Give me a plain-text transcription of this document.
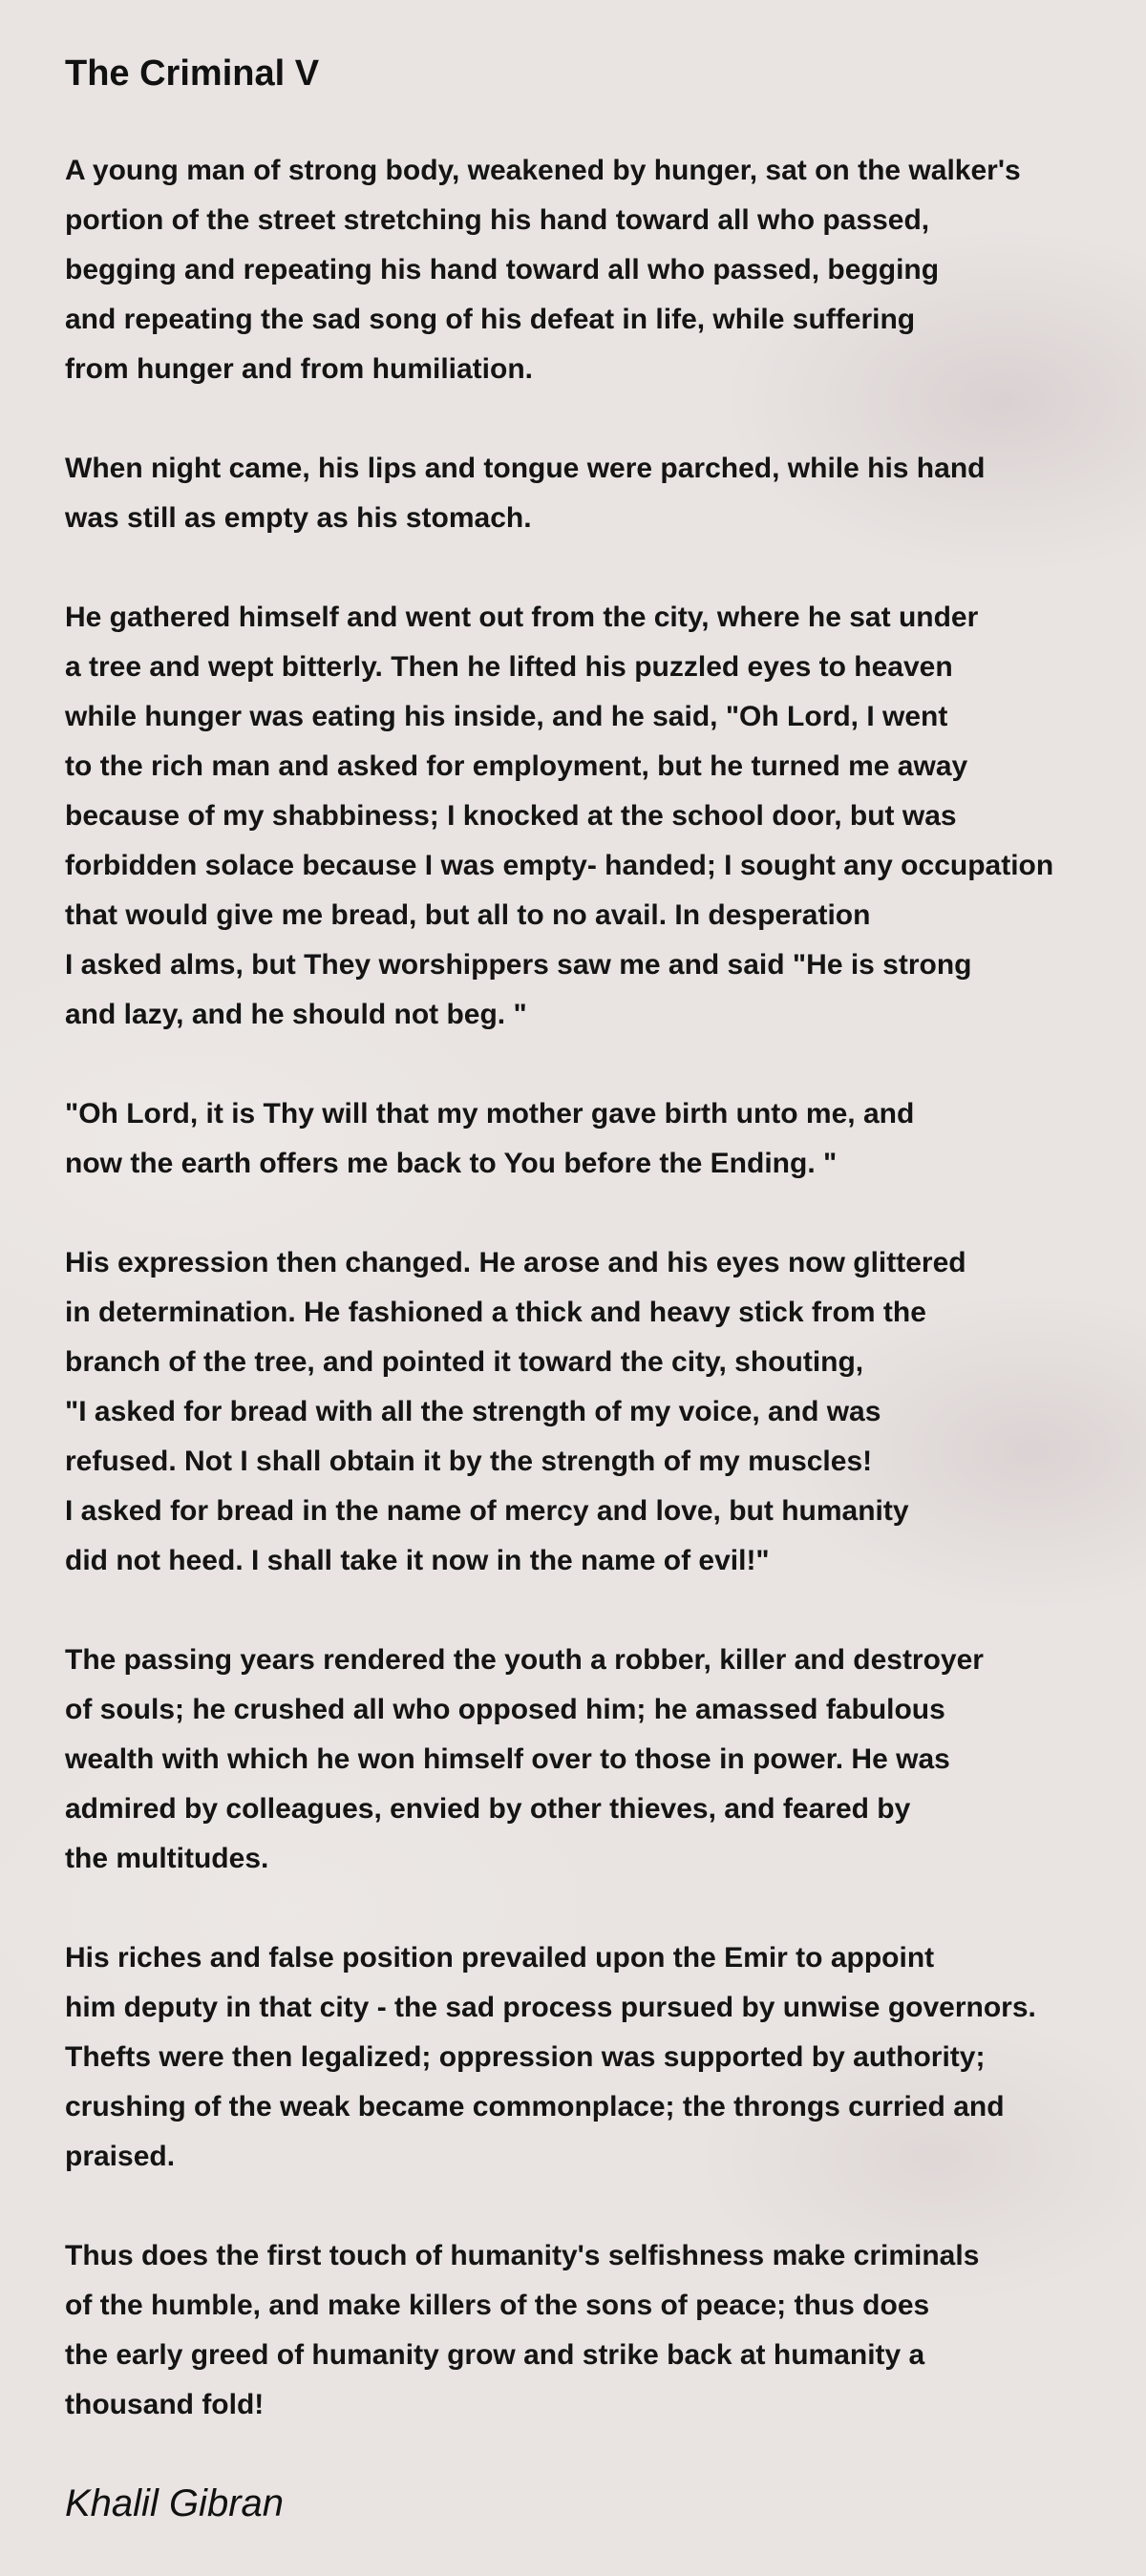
The Criminal V

A young man of strong body, weakened by hunger, sat on the walker's
portion of the street stretching his hand toward all who passed,
begging and repeating his hand toward all who passed, begging
and repeating the sad song of his defeat in life, while suffering
from hunger and from humiliation.

When night came, his lips and tongue were parched, while his hand
was still as empty as his stomach.

He gathered himself and went out from the city, where he sat under
a tree and wept bitterly. Then he lifted his puzzled eyes to heaven
while hunger was eating his inside, and he said, "Oh Lord, I went
to the rich man and asked for employment, but he turned me away
because of my shabbiness; I knocked at the school door, but was
forbidden solace because I was empty- handed; I sought any occupation
that would give me bread, but all to no avail. In desperation
I asked alms, but They worshippers saw me and said "He is strong
and lazy, and he should not beg. "

"Oh Lord, it is Thy will that my mother gave birth unto me, and
now the earth offers me back to You before the Ending. "

His expression then changed. He arose and his eyes now glittered
in determination. He fashioned a thick and heavy stick from the
branch of the tree, and pointed it toward the city, shouting,
"I asked for bread with all the strength of my voice, and was
refused. Not I shall obtain it by the strength of my muscles!
I asked for bread in the name of mercy and love, but humanity
did not heed. I shall take it now in the name of evil!"

The passing years rendered the youth a robber, killer and destroyer
of souls; he crushed all who opposed him; he amassed fabulous
wealth with which he won himself over to those in power. He was
admired by colleagues, envied by other thieves, and feared by
the multitudes.

His riches and false position prevailed upon the Emir to appoint
him deputy in that city - the sad process pursued by unwise governors.
Thefts were then legalized; oppression was supported by authority;
crushing of the weak became commonplace; the throngs curried and
praised.

Thus does the first touch of humanity's selfishness make criminals
of the humble, and make killers of the sons of peace; thus does
the early greed of humanity grow and strike back at humanity a
thousand fold!

Khalil Gibran
